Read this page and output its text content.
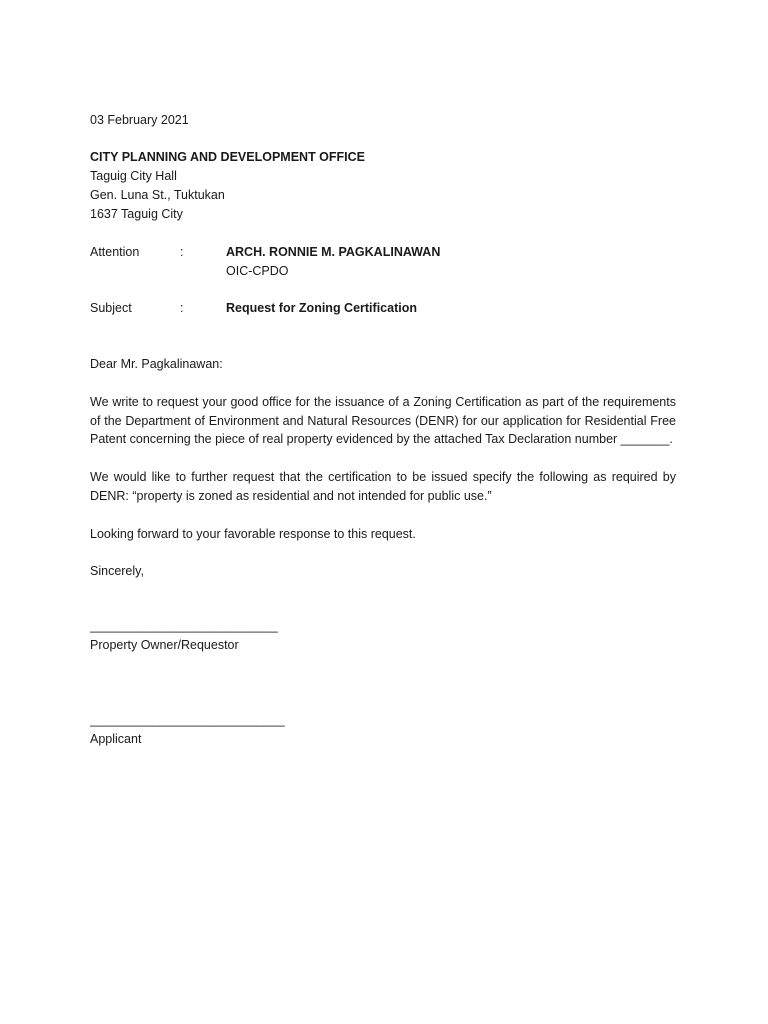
03 February 2021
CITY PLANNING AND DEVELOPMENT OFFICE
Taguig City Hall
Gen. Luna St., Tuktukan
1637 Taguig City
Attention	:	ARCH. RONNIE M. PAGKALINAWAN
OIC-CPDO
Subject	:	Request for Zoning Certification
Dear Mr. Pagkalinawan:

We write to request your good office for the issuance of a Zoning Certification as part of the requirements of the Department of Environment and Natural Resources (DENR) for our application for Residential Free Patent concerning the piece of real property evidenced by the attached Tax Declaration number _______.

We would like to further request that the certification to be issued specify the following as required by DENR: “property is zoned as residential and not intended for public use.”

Looking forward to your favorable response to this request.

Sincerely,
___________________________
Property Owner/Requestor
____________________________
Applicant
